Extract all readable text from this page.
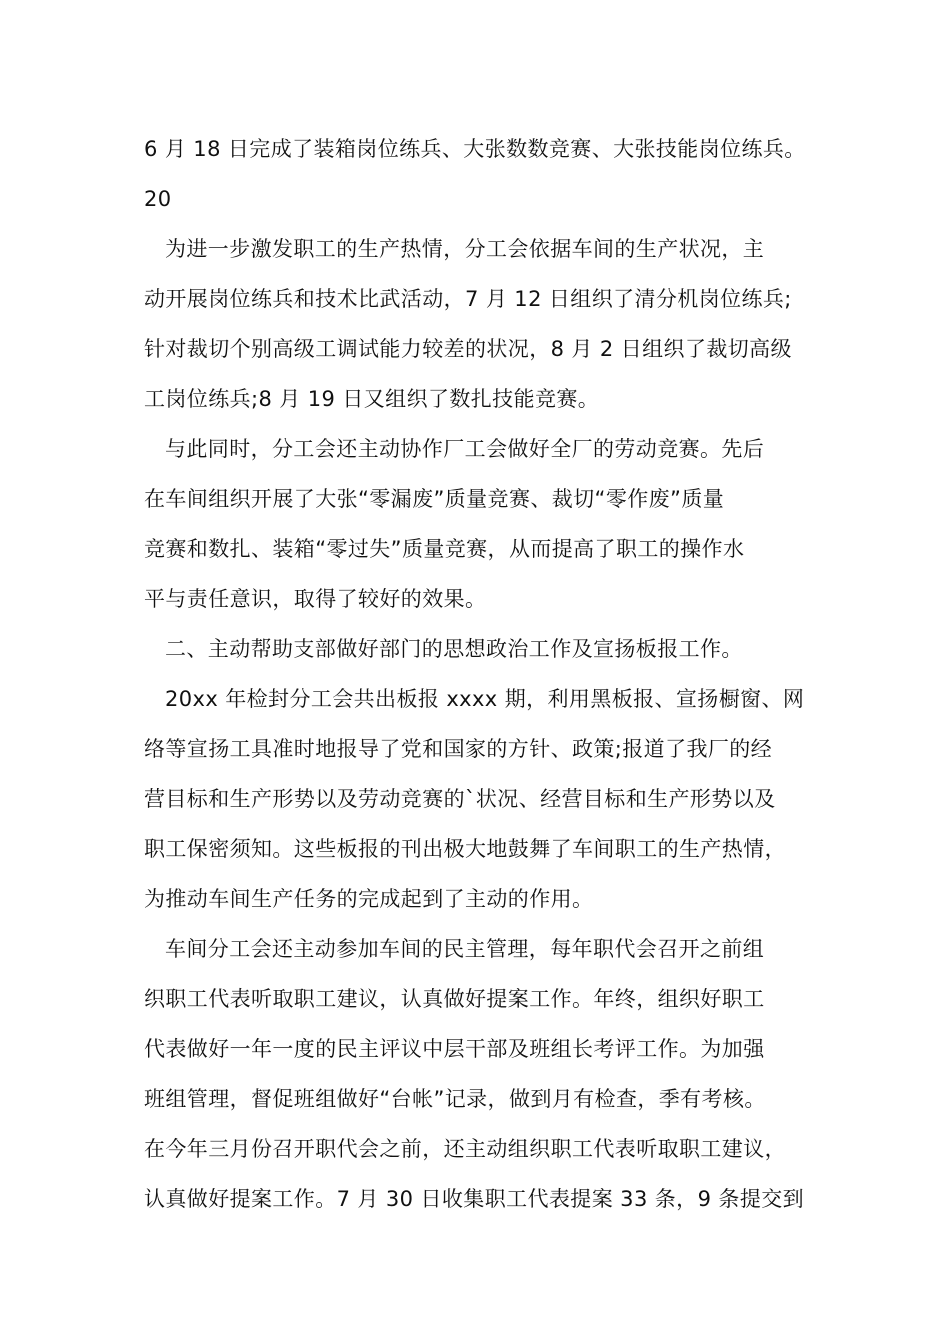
6 月 18 日完成了装箱岗位练兵、大张数数竞赛、大张技能岗位练兵。
20
为进一步激发职工的生产热情，分工会依据车间的生产状况，主
动开展岗位练兵和技术比武活动，7 月 12 日组织了清分机岗位练兵;
针对裁切个别高级工调试能力较差的状况，8 月 2 日组织了裁切高级
工岗位练兵;8 月 19 日又组织了数扎技能竞赛。
与此同时，分工会还主动协作厂工会做好全厂的劳动竞赛。先后
在车间组织开展了大张“零漏废”质量竞赛、裁切“零作废”质量
竞赛和数扎、装箱“零过失”质量竞赛，从而提高了职工的操作水
平与责任意识，取得了较好的效果。
二、主动帮助支部做好部门的思想政治工作及宣扬板报工作。
20xx 年检封分工会共出板报 xxxx 期，利用黑板报、宣扬橱窗、网
络等宣扬工具准时地报导了党和国家的方针、政策;报道了我厂的经
营目标和生产形势以及劳动竞赛的`状况、经营目标和生产形势以及
职工保密须知。这些板报的刊出极大地鼓舞了车间职工的生产热情，
为推动车间生产任务的完成起到了主动的作用。
车间分工会还主动参加车间的民主管理，每年职代会召开之前组
织职工代表听取职工建议，认真做好提案工作。年终，组织好职工
代表做好一年一度的民主评议中层干部及班组长考评工作。为加强
班组管理，督促班组做好“台帐”记录，做到月有检查，季有考核。
在今年三月份召开职代会之前，还主动组织职工代表听取职工建议，
认真做好提案工作。7 月 30 日收集职工代表提案 33 条，9 条提交到
